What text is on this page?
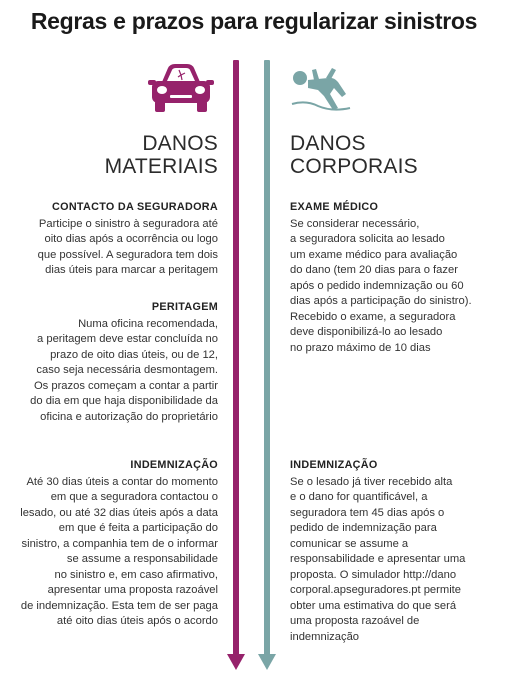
Regras e prazos para regularizar sinistros
DANOS
MATERIAIS
DANOS
CORPORAIS
CONTACTO DA SEGURADORA
Participe o sinistro à seguradora até
oito dias após a ocorrência ou logo
que possível. A seguradora tem dois
dias úteis para marcar a peritagem
PERITAGEM
Numa oficina recomendada,
a peritagem deve estar concluída no
prazo de oito dias úteis, ou de 12,
caso seja necessária desmontagem.
Os prazos começam a contar a partir
do dia em que haja disponibilidade da
oficina e autorização do proprietário
INDEMNIZAÇÃO
Até 30 dias úteis a contar do momento
em que a seguradora contactou o
lesado, ou até 32 dias úteis após a data
em que é feita a participação do
sinistro, a companhia tem de o informar
se assume a responsabilidade
no sinistro e, em caso afirmativo,
apresentar uma proposta razoável
de indemnização. Esta tem de ser paga
até oito dias úteis após o acordo
EXAME MÉDICO
Se considerar necessário,
a seguradora solicita ao lesado
um exame médico para avaliação
do dano (tem 20 dias para o fazer
após o pedido indemnização ou 60
dias após a participação do sinistro).
Recebido o exame, a seguradora
deve disponibilizá-lo ao lesado
no prazo máximo de 10 dias
INDEMNIZAÇÃO
Se o lesado já tiver recebido alta
e o dano for quantificável, a
seguradora tem 45 dias após o
pedido de indemnização para
comunicar se assume a
responsabilidade e apresentar uma
proposta. O simulador http://dano
corporal.apseguradores.pt permite
obter uma estimativa do que será
uma proposta razoável de
indemnização
